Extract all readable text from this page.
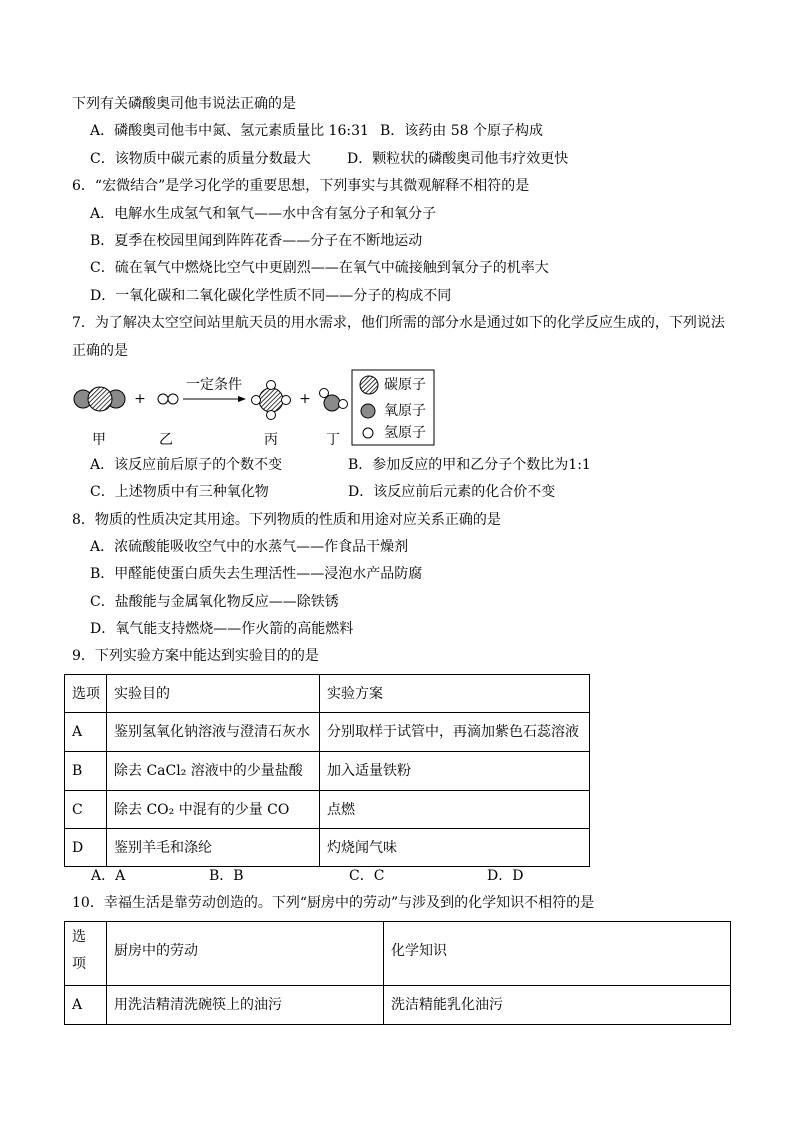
下列有关磷酸奥司他韦说法正确的是
A．磷酸奥司他韦中氮、氢元素质量比 16:31 B．该药由 58 个原子构成
C．该物质中碳元素的质量分数最大	D．颗粒状的磷酸奥司他韦疗效更快
6．“宏微结合”是学习化学的重要思想，下列事实与其微观解释不相符的是
A．电解水生成氢气和氧气——水中含有氢分子和氧分子
B．夏季在校园里闻到阵阵花香——分子在不断地运动
C．硫在氧气中燃烧比空气中更剧烈——在氧气中硫接触到氧分子的机率大
D．一氧化碳和二氧化碳化学性质不同——分子的构成不同
7．为了解决太空空间站里航天员的用水需求，他们所需的部分水是通过如下的化学反应生成的，下列说法
正确的是
+
一定条件
+
甲	乙	丙	丁
碳原子
氧原子
氢原子
A．该反应前后原子的个数不变	B．参加反应的甲和乙分子个数比为1:1
C．上述物质中有三种氧化物	D．该反应前后元素的化合价不变
8．物质的性质决定其用途。下列物质的性质和用途对应关系正确的是
A．浓硫酸能吸收空气中的水蒸气——作食品干燥剂
B．甲醛能使蛋白质失去生理活性——浸泡水产品防腐
C．盐酸能与金属氧化物反应——除铁锈
D．氧气能支持燃烧——作火箭的高能燃料
9．下列实验方案中能达到实验目的的是
选项	实验目的	实验方案
A	鉴别氢氧化钠溶液与澄清石灰水	分别取样于试管中，再滴加紫色石蕊溶液
B	除去 CaCl₂ 溶液中的少量盐酸	加入适量铁粉
C	除去 CO₂ 中混有的少量 CO	点燃
D	鉴别羊毛和涤纶	灼烧闻气味
A．A	B．B	C．C	D．D
10．幸福生活是靠劳动创造的。下列“厨房中的劳动”与涉及到的化学知识不相符的是
选项	厨房中的劳动	化学知识
A	用洗洁精清洗碗筷上的油污	洗洁精能乳化油污
